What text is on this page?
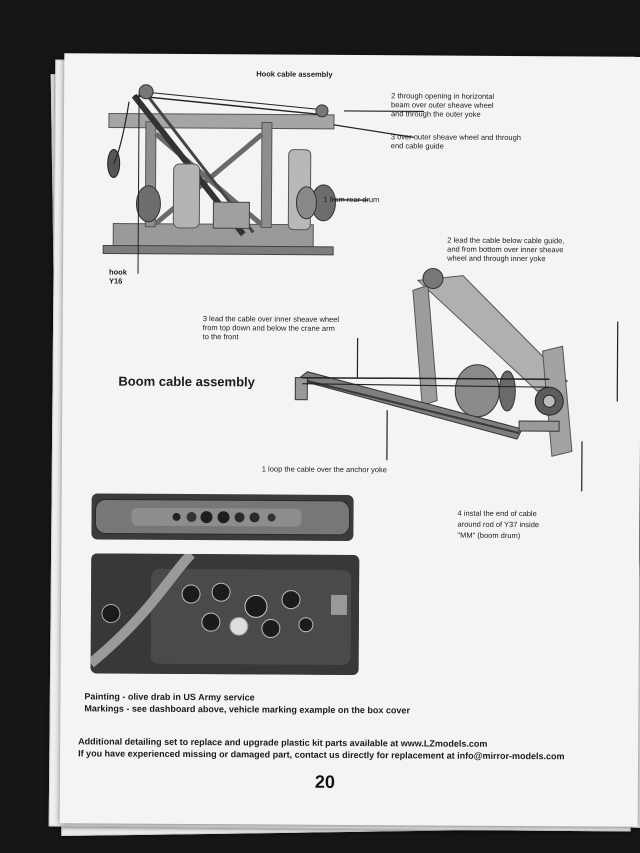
Hook cable assembly
2 through opening in horizontal
beam over outer sheave wheel
and through the outer yoke
3 over outer sheave wheel and through
end cable guide
1 from rear drum
hook
Y16
2 lead the cable below cable guide,
and from bottom over inner sheave
wheel and through inner yoke
3 lead the cable over inner sheave wheel
from top down and below the crane arm
to the front
Boom cable assembly
1 loop the cable over the anchor yoke
4 instal the end of cable
around rod of Y37 inside
"MM" (boom drum)
Painting - olive drab in US Army service
Markings - see dashboard above, vehicle marking example on the box cover
Additional detailing set to replace and upgrade plastic kit parts available at www.LZmodels.com
If you have experienced missing or damaged part, contact us directly for replacement at info@mirror-models.com
20
